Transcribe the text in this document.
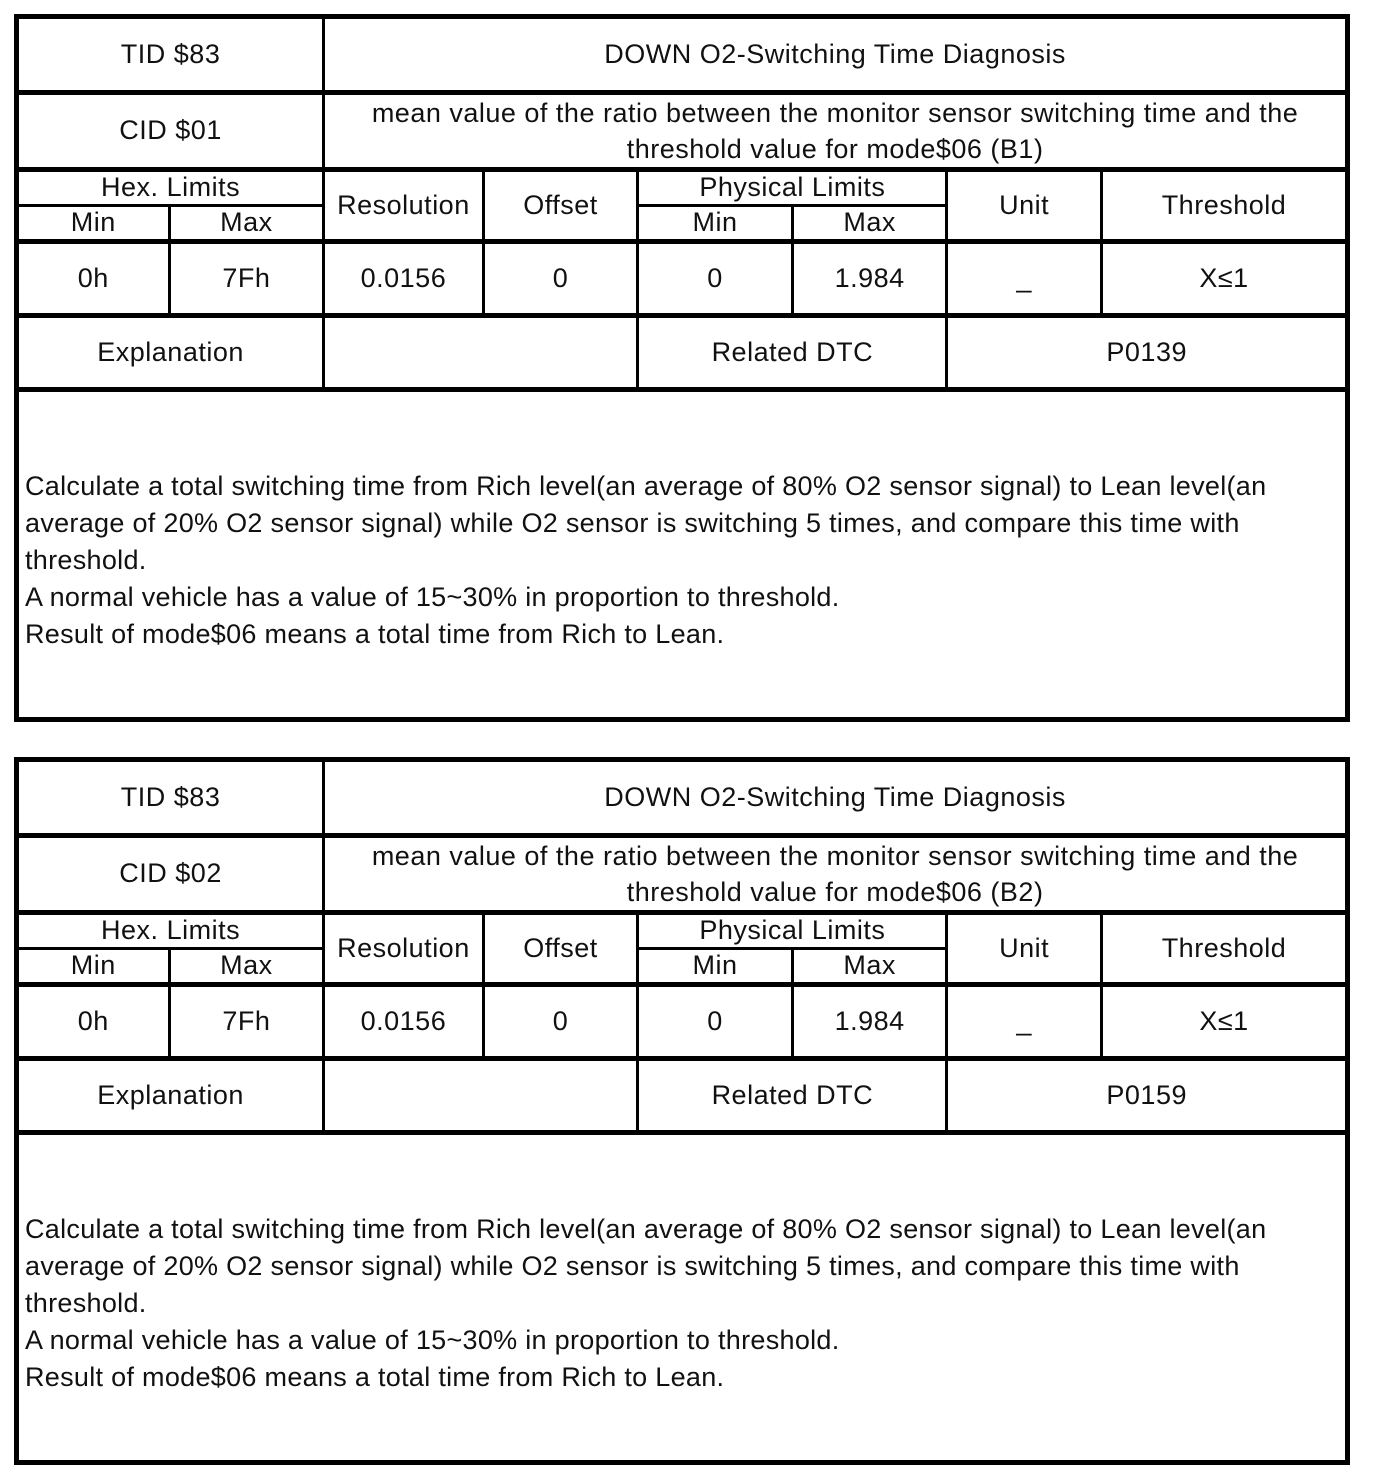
TID $83		DOWN O2-Switching Time Diagnosis					
CID $01		mean value of the ratio between the monitor sensor switching time and the threshold value for mode$06 (B1)					
Hex. Limits		Resolution	Offset	Physical Limits		Unit	Threshold
Min	Max			Min	Max		
0h	7Fh	0.0156	0	0	1.984	_	X≤1
Explanation				Related DTC		P0139	

Calculate a total switching time from Rich level(an average of 80% O2 sensor signal) to Lean level(an average of 20% O2 sensor signal) while O2 sensor is switching 5 times, and compare this time with threshold.

A normal vehicle has a value of 15~30% in proportion to threshold.

Result of mode$06 means a total time from Rich to Lean.							

TID $83		DOWN O2-Switching Time Diagnosis					
CID $02		mean value of the ratio between the monitor sensor switching time and the threshold value for mode$06 (B2)					
Hex. Limits		Resolution	Offset	Physical Limits		Unit	Threshold
Min	Max			Min	Max		
0h	7Fh	0.0156	0	0	1.984	_	X≤1
Explanation				Related DTC		P0159	

Calculate a total switching time from Rich level(an average of 80% O2 sensor signal) to Lean level(an average of 20% O2 sensor signal) while O2 sensor is switching 5 times, and compare this time with threshold.

A normal vehicle has a value of 15~30% in proportion to threshold.

Result of mode$06 means a total time from Rich to Lean.							
